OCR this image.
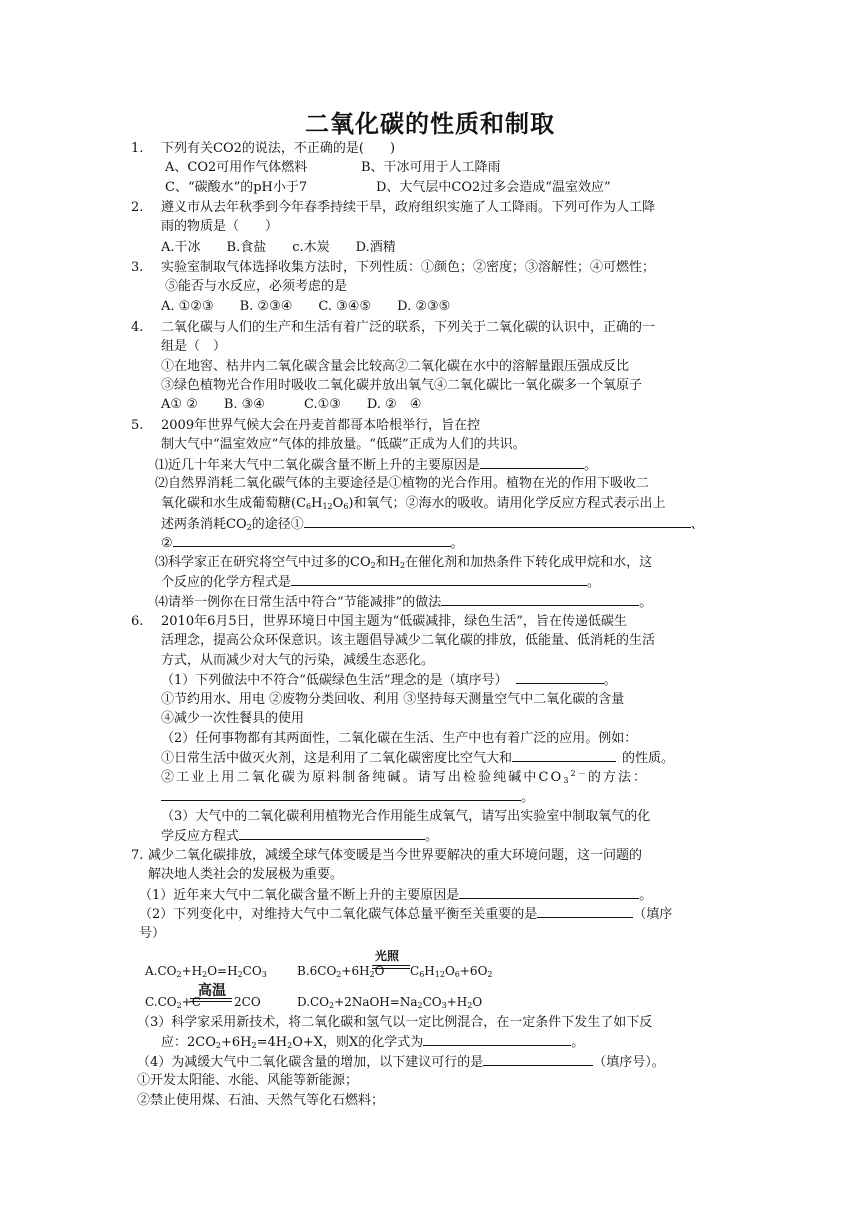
二氧化碳的性质和制取
1. 下列有关CO2的说法，不正确的是(　　)
A、CO2可用作气体燃料	B、干冰可用于人工降雨
C、“碳酸水”的pH小于7	D、大气层中CO2过多会造成“温室效应”
2. 遵义市从去年秋季到今年春季持续干旱，政府组织实施了人工降雨。下列可作为人工降
雨的物质是（　　）
A.干冰　　B.食盐　　c.木炭　　D.酒精
3. 实验室制取气体选择收集方法时，下列性质：①颜色；②密度；③溶解性；④可燃性；
⑤能否与水反应，必须考虑的是
A. ①②③　　B. ②③④　　C. ③④⑤　　D. ②③⑤
4. 二氧化碳与人们的生产和生活有着广泛的联系，下列关于二氧化碳的认识中，正确的一
组是（　）
①在地窖、枯井内二氧化碳含量会比较高②二氧化碳在水中的溶解量跟压强成反比
③绿色植物光合作用时吸收二氧化碳并放出氧气④二氧化碳比一氧化碳多一个氧原子
A① ②　　B. ③④　　　C.①③　　D. ②　④
5. 2009年世界气候大会在丹麦首都哥本哈根举行，旨在控
制大气中“温室效应”气体的排放量。“低碳”正成为人们的共识。
⑴近几十年来大气中二氧化碳含量不断上升的主要原因是	。
⑵自然界消耗二氧化碳气体的主要途径是①植物的光合作用。植物在光的作用下吸收二
氧化碳和水生成葡萄糖$(C_6H_{12}O_6)$和氧气；②海水的吸收。请用化学反应方程式表示出上
述两条消耗$CO_2$的途径①	、
②	。
⑶科学家正在研究将空气中过多的$CO_2$和$H_2$在催化剂和加热条件下转化成甲烷和水，这
个反应的化学方程式是	。
⑷请举一例你在日常生活中符合“节能减排”的做法	。
6. 2010年6月5日，世界环境日中国主题为“低碳减排，绿色生活”，旨在传递低碳生
活理念，提高公众环保意识。该主题倡导减少二氧化碳的排放，低能量、低消耗的生活
方式，从而减少对大气的污染，减缓生态恶化。
（1）下列做法中不符合“低碳绿色生活”理念的是（填序号）	。
①节约用水、用电 ②废物分类回收、利用 ③坚持每天测量空气中二氧化碳的含量
④减少一次性餐具的使用
（2）任何事物都有其两面性，二氧化碳在生活、生产中也有着广泛的应用。例如：
①日常生活中做灭火剂，这是利用了二氧化碳密度比空气大和	的性质。
②工业上用二氧化碳为原料制备纯碱。请写出检验纯碱中$CO_3^{2-}$的方法：
。
（3）大气中的二氧化碳利用植物光合作用能生成氧气，请写出实验室中制取氧气的化
学反应方程式	。
7. 减少二氧化碳排放，减缓全球气体变暖是当今世界要解决的重大环境问题，这一问题的
解决地人类社会的发展极为重要。
（1）近年来大气中二氧化碳含量不断上升的主要原因是	。
（2）下列变化中，对维持大气中二氧化碳气体总量平衡至关重要的是	（填序
号）
$A.CO_2+H_2O=H_2CO_3$	$B.6CO_2+6H_2O$
光照
$C_6H_{12}O_6+6O_2$
$C.CO_2+C$
高温
2CO	$D.CO_2+2NaOH=Na_2CO_3+H_2O$
（3）科学家采用新技术，将二氧化碳和氢气以一定比例混合，在一定条件下发生了如下反
应：$2CO_2+6H_2=4H_2O+X$，则X的化学式为	。
（4）为减缓大气中二氧化碳含量的增加，以下建议可行的是	（填序号）。
①开发太阳能、水能、风能等新能源；
②禁止使用煤、石油、天然气等化石燃料；
